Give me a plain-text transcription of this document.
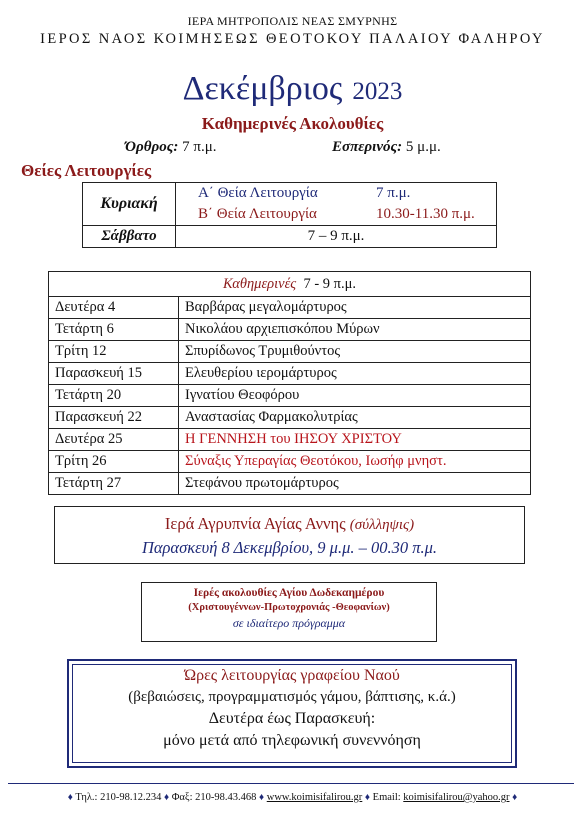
ΙΕΡΑ ΜΗΤΡΟΠΟΛΙΣ ΝΕΑΣ ΣΜΥΡΝΗΣ
ΙΕΡΟΣ ΝΑΟΣ ΚΟΙΜΗΣΕΩΣ ΘΕΟΤΟΚΟΥ ΠΑΛΑΙΟΥ ΦΑΛΗΡΟΥ
Δεκέμβριος 2023
Καθημερινές Ακολουθίες
Όρθρος: 7 π.μ.	Εσπερινός: 5 μ.μ.
Θείες Λειτουργίες
Κυριακή	Α΄ Θεία Λειτουργία 7 π.μ.
	Β΄ Θεία Λειτουργία 10.30-11.30 π.μ.
Σάββατο	7 – 9 π.μ.
Καθημερινές 7 - 9 π.μ.	
Δευτέρα 4	Βαρβάρας μεγαλομάρτυρος
Τετάρτη 6	Νικολάου αρχιεπισκόπου Μύρων
Τρίτη 12	Σπυρίδωνος Τρυμιθούντος
Παρασκευή 15	Ελευθερίου ιερομάρτυρος
Τετάρτη 20	Ιγνατίου Θεοφόρου
Παρασκευή 22	Αναστασίας Φαρμακολυτρίας
Δευτέρα 25	Η ΓΕΝΝΗΣΗ του ΙΗΣΟΥ ΧΡΙΣΤΟΥ
Τρίτη 26	Σύναξις Υπεραγίας Θεοτόκου, Ιωσήφ μνηστ.
Τετάρτη 27	Στεφάνου πρωτομάρτυρος
Ιερά Αγρυπνία Αγίας Αννης (σύλληψις)
Παρασκευή 8 Δεκεμβρίου, 9 μ.μ. – 00.30 π.μ.
Ιερές ακολουθίες Αγίου Δωδεκαημέρου
(Χριστουγέννων-Πρωτοχρονιάς -Θεοφανίων)
σε ιδιαίτερο πρόγραμμα
Ώρες λειτουργίας γραφείου Ναού
(βεβαιώσεις, προγραμματισμός γάμου, βάπτισης, κ.ά.)
Δευτέρα έως Παρασκευή:
μόνο μετά από τηλεφωνική συνεννόηση
♦ Τηλ.: 210-98.12.234 ♦ Φαξ: 210-98.43.468 ♦ www.koimisifalirou.gr ♦ Email: koimisifalirou@yahoo.gr ♦
